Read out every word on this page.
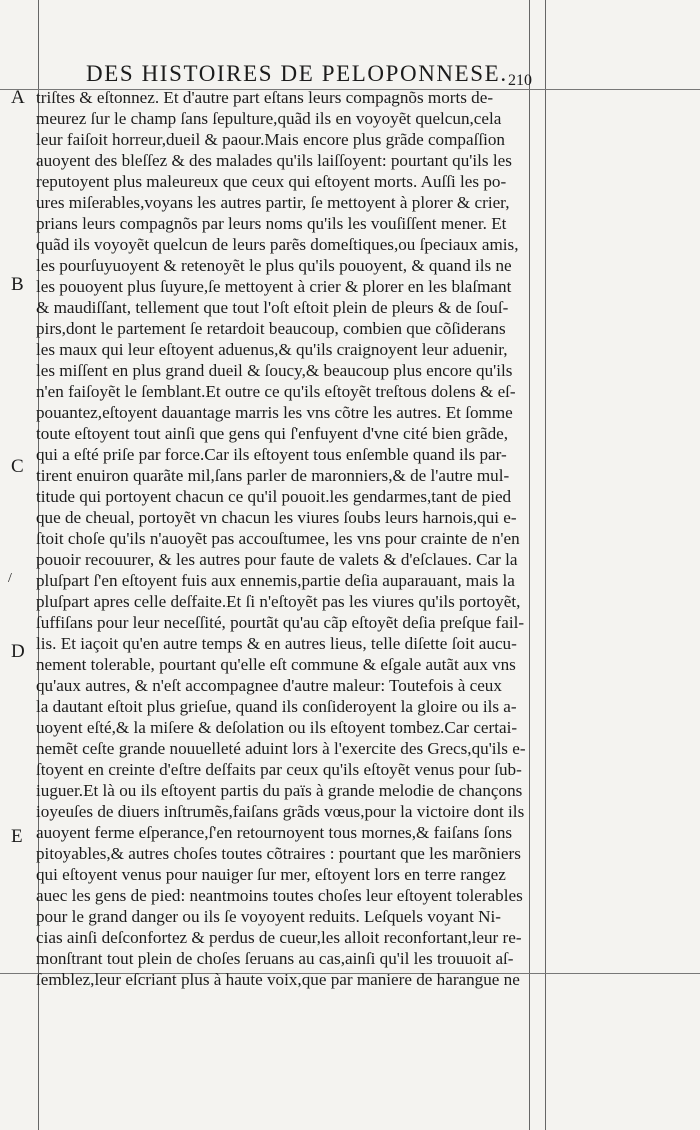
DES HISTOIRES DE PELOPONNESE. 210
A
B
C
D
E
/
triſtes & eſtonnez. Et d'autre part eſtans leurs compagnõs morts de-
meurez ſur le champ ſans ſepulture,quãd ils en voyoyẽt quelcun,cela
leur faiſoit horreur,dueil & paour.Mais encore plus grãde compaſſion
auoyent des bleſſez & des malades qu'ils laiſſoyent: pourtant qu'ils les
reputoyent plus maleureux que ceux qui eſtoyent morts. Auſſi les po-
ures miſerables,voyans les autres partir, ſe mettoyent à plorer & crier,
prians leurs compagnõs par leurs noms qu'ils les vouſiſſent mener. Et
quãd ils voyoyẽt quelcun de leurs parẽs domeſtiques,ou ſpeciaux amis,
les pourſuyuoyent & retenoyẽt le plus qu'ils pouoyent, & quand ils ne
les pouoyent plus ſuyure,ſe mettoyent à crier & plorer en les blaſmant
& maudiſſant, tellement que tout l'oſt eſtoit plein de pleurs & de ſouſ-
pirs,dont le partement ſe retardoit beaucoup, combien que cõſiderans
les maux qui leur eſtoyent aduenus,& qu'ils craignoyent leur aduenir,
les miſſent en plus grand dueil & ſoucy,& beaucoup plus encore qu'ils
n'en faiſoyẽt le ſemblant.Et outre ce qu'ils eſtoyẽt treſtous dolens & eſ-
pouantez,eſtoyent dauantage marris les vns cõtre les autres. Et ſomme
toute eſtoyent tout ainſi que gens qui ſ'enfuyent d'vne cité bien grãde,
qui a eſté priſe par force.Car ils eſtoyent tous enſemble quand ils par-
tirent enuiron quarãte mil,ſans parler de maronniers,& de l'autre mul-
titude qui portoyent chacun ce qu'il pouoit.les gendarmes,tant de pied
que de cheual, portoyẽt vn chacun les viures ſoubs leurs harnois,qui e-
ſtoit choſe qu'ils n'auoyẽt pas accouſtumee, les vns pour crainte de n'en
pouoir recouurer, & les autres pour faute de valets & d'eſclaues. Car la
pluſpart ſ'en eſtoyent fuis aux ennemis,partie deſia auparauant, mais la
pluſpart apres celle deſfaite.Et ſi n'eſtoyẽt pas les viures qu'ils portoyẽt,
ſuffiſans pour leur neceſſité, pourtãt qu'au cãp eſtoyẽt deſia preſque fail-
lis. Et iaçoit qu'en autre temps & en autres lieus, telle diſette ſoit aucu-
nement tolerable, pourtant qu'elle eſt commune & eſgale autãt aux vns
qu'aux autres, & n'eſt accompagnee d'autre maleur: Toutefois à ceux
la dautant eſtoit plus grieſue, quand ils conſideroyent la gloire ou ils a-
uoyent eſté,& la miſere & deſolation ou ils eſtoyent tombez.Car certai-
nemẽt ceſte grande nouuelleté aduint lors à l'exercite des Grecs,qu'ils e-
ſtoyent en creinte d'eſtre deſfaits par ceux qu'ils eſtoyẽt venus pour ſub-
iuguer.Et là ou ils eſtoyent partis du païs à grande melodie de chançons
ioyeuſes de diuers inſtrumẽs,faiſans grãds vœus,pour la victoire dont ils
auoyent ferme eſperance,ſ'en retournoyent tous mornes,& faiſans ſons
pitoyables,& autres choſes toutes cõtraires : pourtant que les marõniers
qui eſtoyent venus pour nauiger ſur mer, eſtoyent lors en terre rangez
auec les gens de pied: neantmoins toutes choſes leur eſtoyent tolerables
pour le grand danger ou ils ſe voyoyent reduits. Leſquels voyant Ni-
cias ainſi deſconfortez & perdus de cueur,les alloit reconfortant,leur re-
monſtrant tout plein de choſes ſeruans au cas,ainſi qu'il les trouuoit aſ-
ſemblez,leur eſcriant plus à haute voix,que par maniere de harangue ne
